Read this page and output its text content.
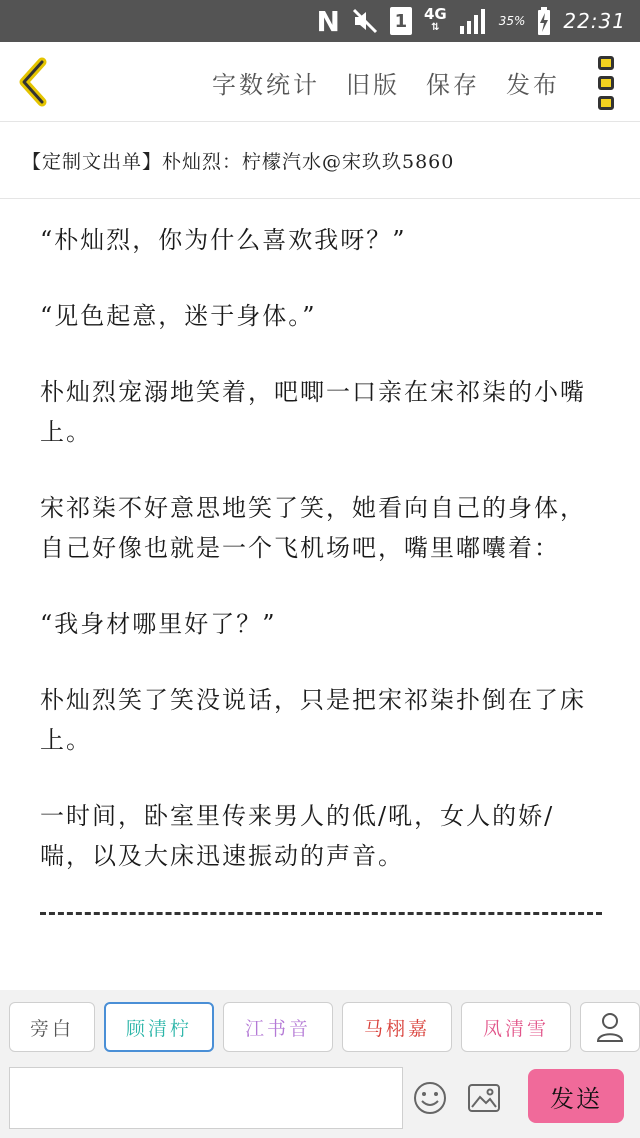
N	1	4G
⇅	35% 22:31
字数统计 旧版 保存 发布
【定制文出单】朴灿烈：柠檬汽水@宋玖玖5860

“朴灿烈，你为什么喜欢我呀？”

“见色起意，迷于身体。”

朴灿烈宠溺地笑着，吧唧一口亲在宋祁柒的小嘴上。

宋祁柒不好意思地笑了笑，她看向自己的身体，自己好像也就是一个飞机场吧，嘴里嘟囔着：

“我身材哪里好了？”

朴灿烈笑了笑没说话，只是把宋祁柒扑倒在了床上。

一时间，卧室里传来男人的低/吼，女人的娇/喘，以及大床迅速振动的声音。

旁白	顾清柠	江书音	马栩嘉	凤清雪
发送
